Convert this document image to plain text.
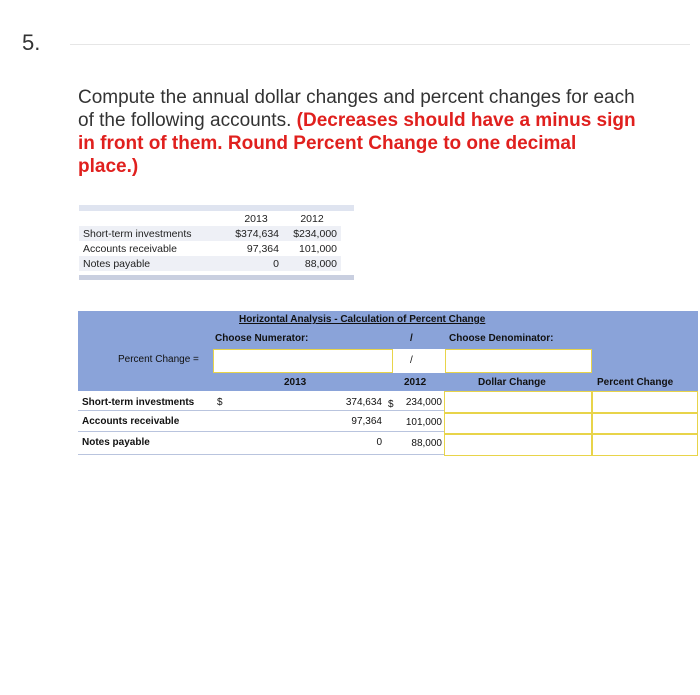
5.
Compute the annual dollar changes and percent changes for each of the following accounts. (Decreases should have a minus sign in front of them. Round Percent Change to one decimal place.)
	2013	2012
Short-term investments	$374,634	$234,000
Accounts receivable	97,364	101,000
Notes payable	0	88,000
Horizontal Analysis - Calculation of Percent Change
Choose Numerator:	/	Choose Denominator:
Percent Change =	/
2013	2012	Dollar Change	Percent Change
Short-term investments $	374,634 $	234,000
Accounts receivable	97,364	101,000
Notes payable	0	88,000
